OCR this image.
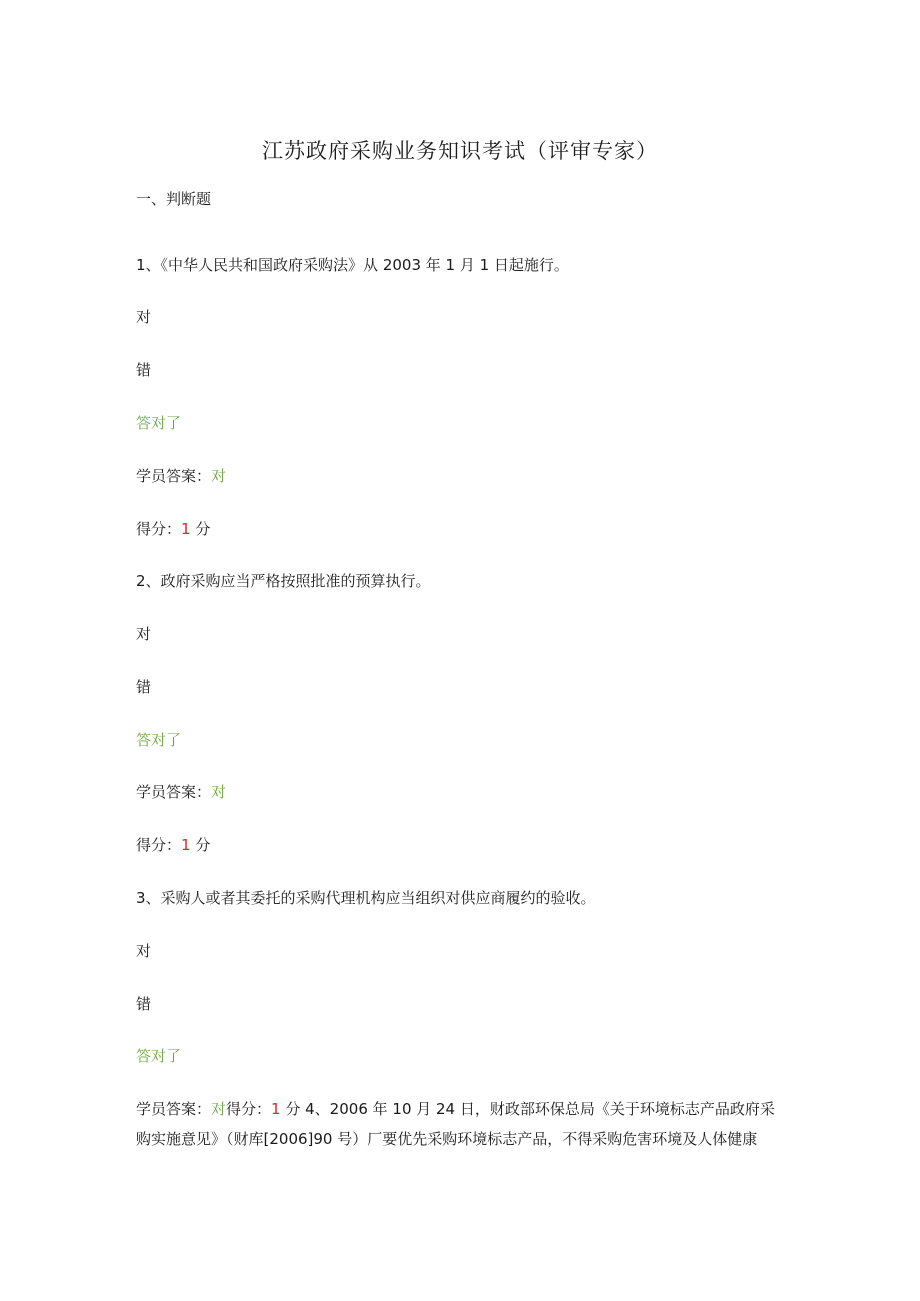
江苏政府采购业务知识考试（评审专家）
一、判断题
1、《中华人民共和国政府采购法》从 2003 年 1 月 1 日起施行。
对
错
答对了
学员答案：对
得分：1 分
2、政府采购应当严格按照批准的预算执行。
对
错
答对了
学员答案：对
得分：1 分
3、采购人或者其委托的采购代理机构应当组织对供应商履约的验收。
对
错
答对了
学员答案：对得分：1 分 4、2006 年 10 月 24 日，财政部环保总局《关于环境标志产品政府采
购实施意见》（财库[2006]90 号）厂要优先采购环境标志产品，不得采购危害环境及人体健康
